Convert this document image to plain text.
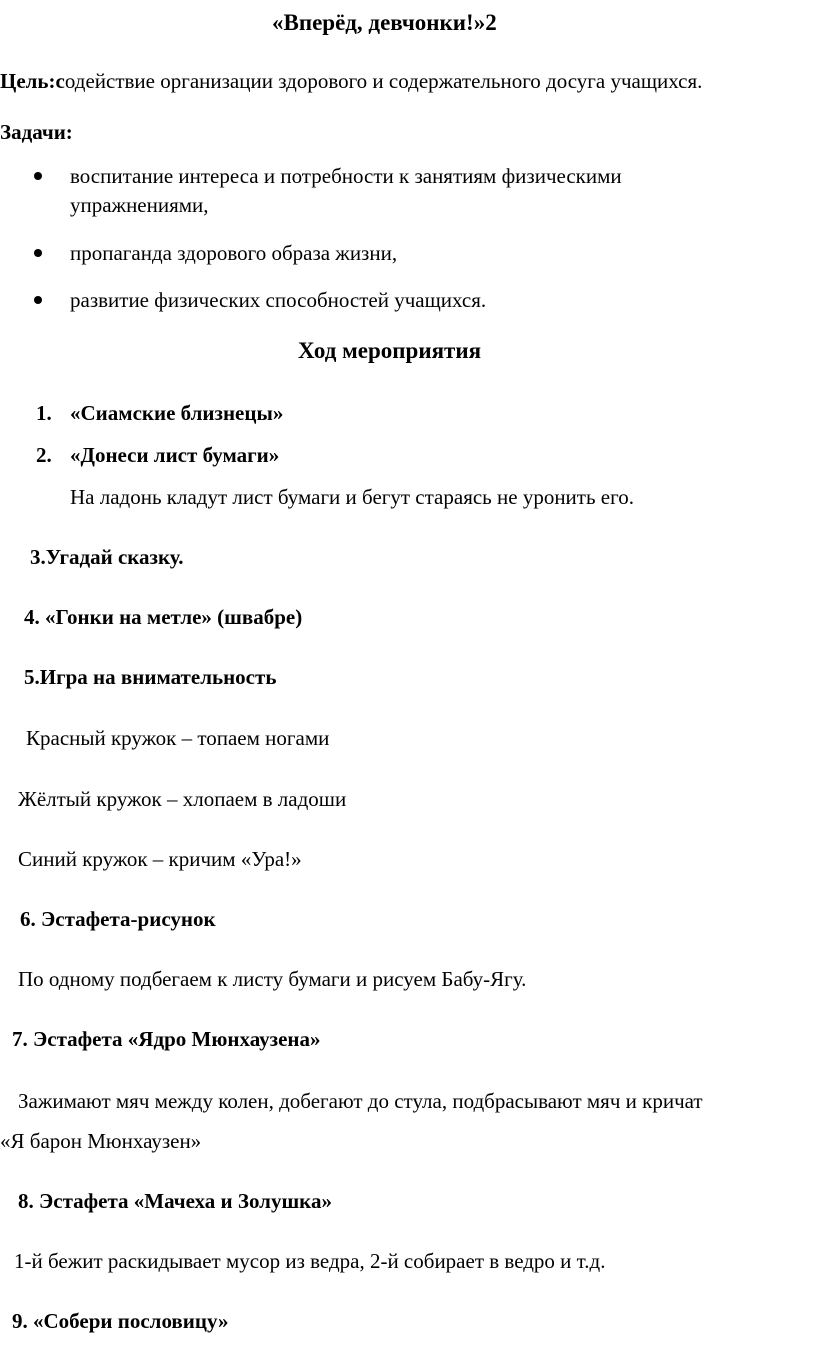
«Вперёд, девчонки!»2
Цель:содействие организации здорового и содержательного досуга учащихся.
Задачи:
воспитание интереса и потребности к занятиям физическими
упражнениями,
пропаганда здорового образа жизни,
развитие физических способностей учащихся.
Ход мероприятия
1. «Сиамские близнецы»
2. «Донеси лист бумаги»
На ладонь кладут лист бумаги и бегут стараясь не уронить его.
3.Угадай сказку.
4. «Гонки на метле» (швабре)
5.Игра на внимательность
Красный кружок – топаем ногами
Жёлтый кружок – хлопаем в ладоши
Синий кружок – кричим «Ура!»
6. Эстафета-рисунок
По одному подбегаем к листу бумаги и рисуем Бабу-Ягу.
7. Эстафета «Ядро Мюнхаузена»
Зажимают мяч между колен, добегают до стула, подбрасывают мяч и кричат
«Я барон Мюнхаузен»
8. Эстафета «Мачеха и Золушка»
1-й бежит раскидывает мусор из ведра, 2-й собирает в ведро и т.д.
9. «Собери пословицу»
